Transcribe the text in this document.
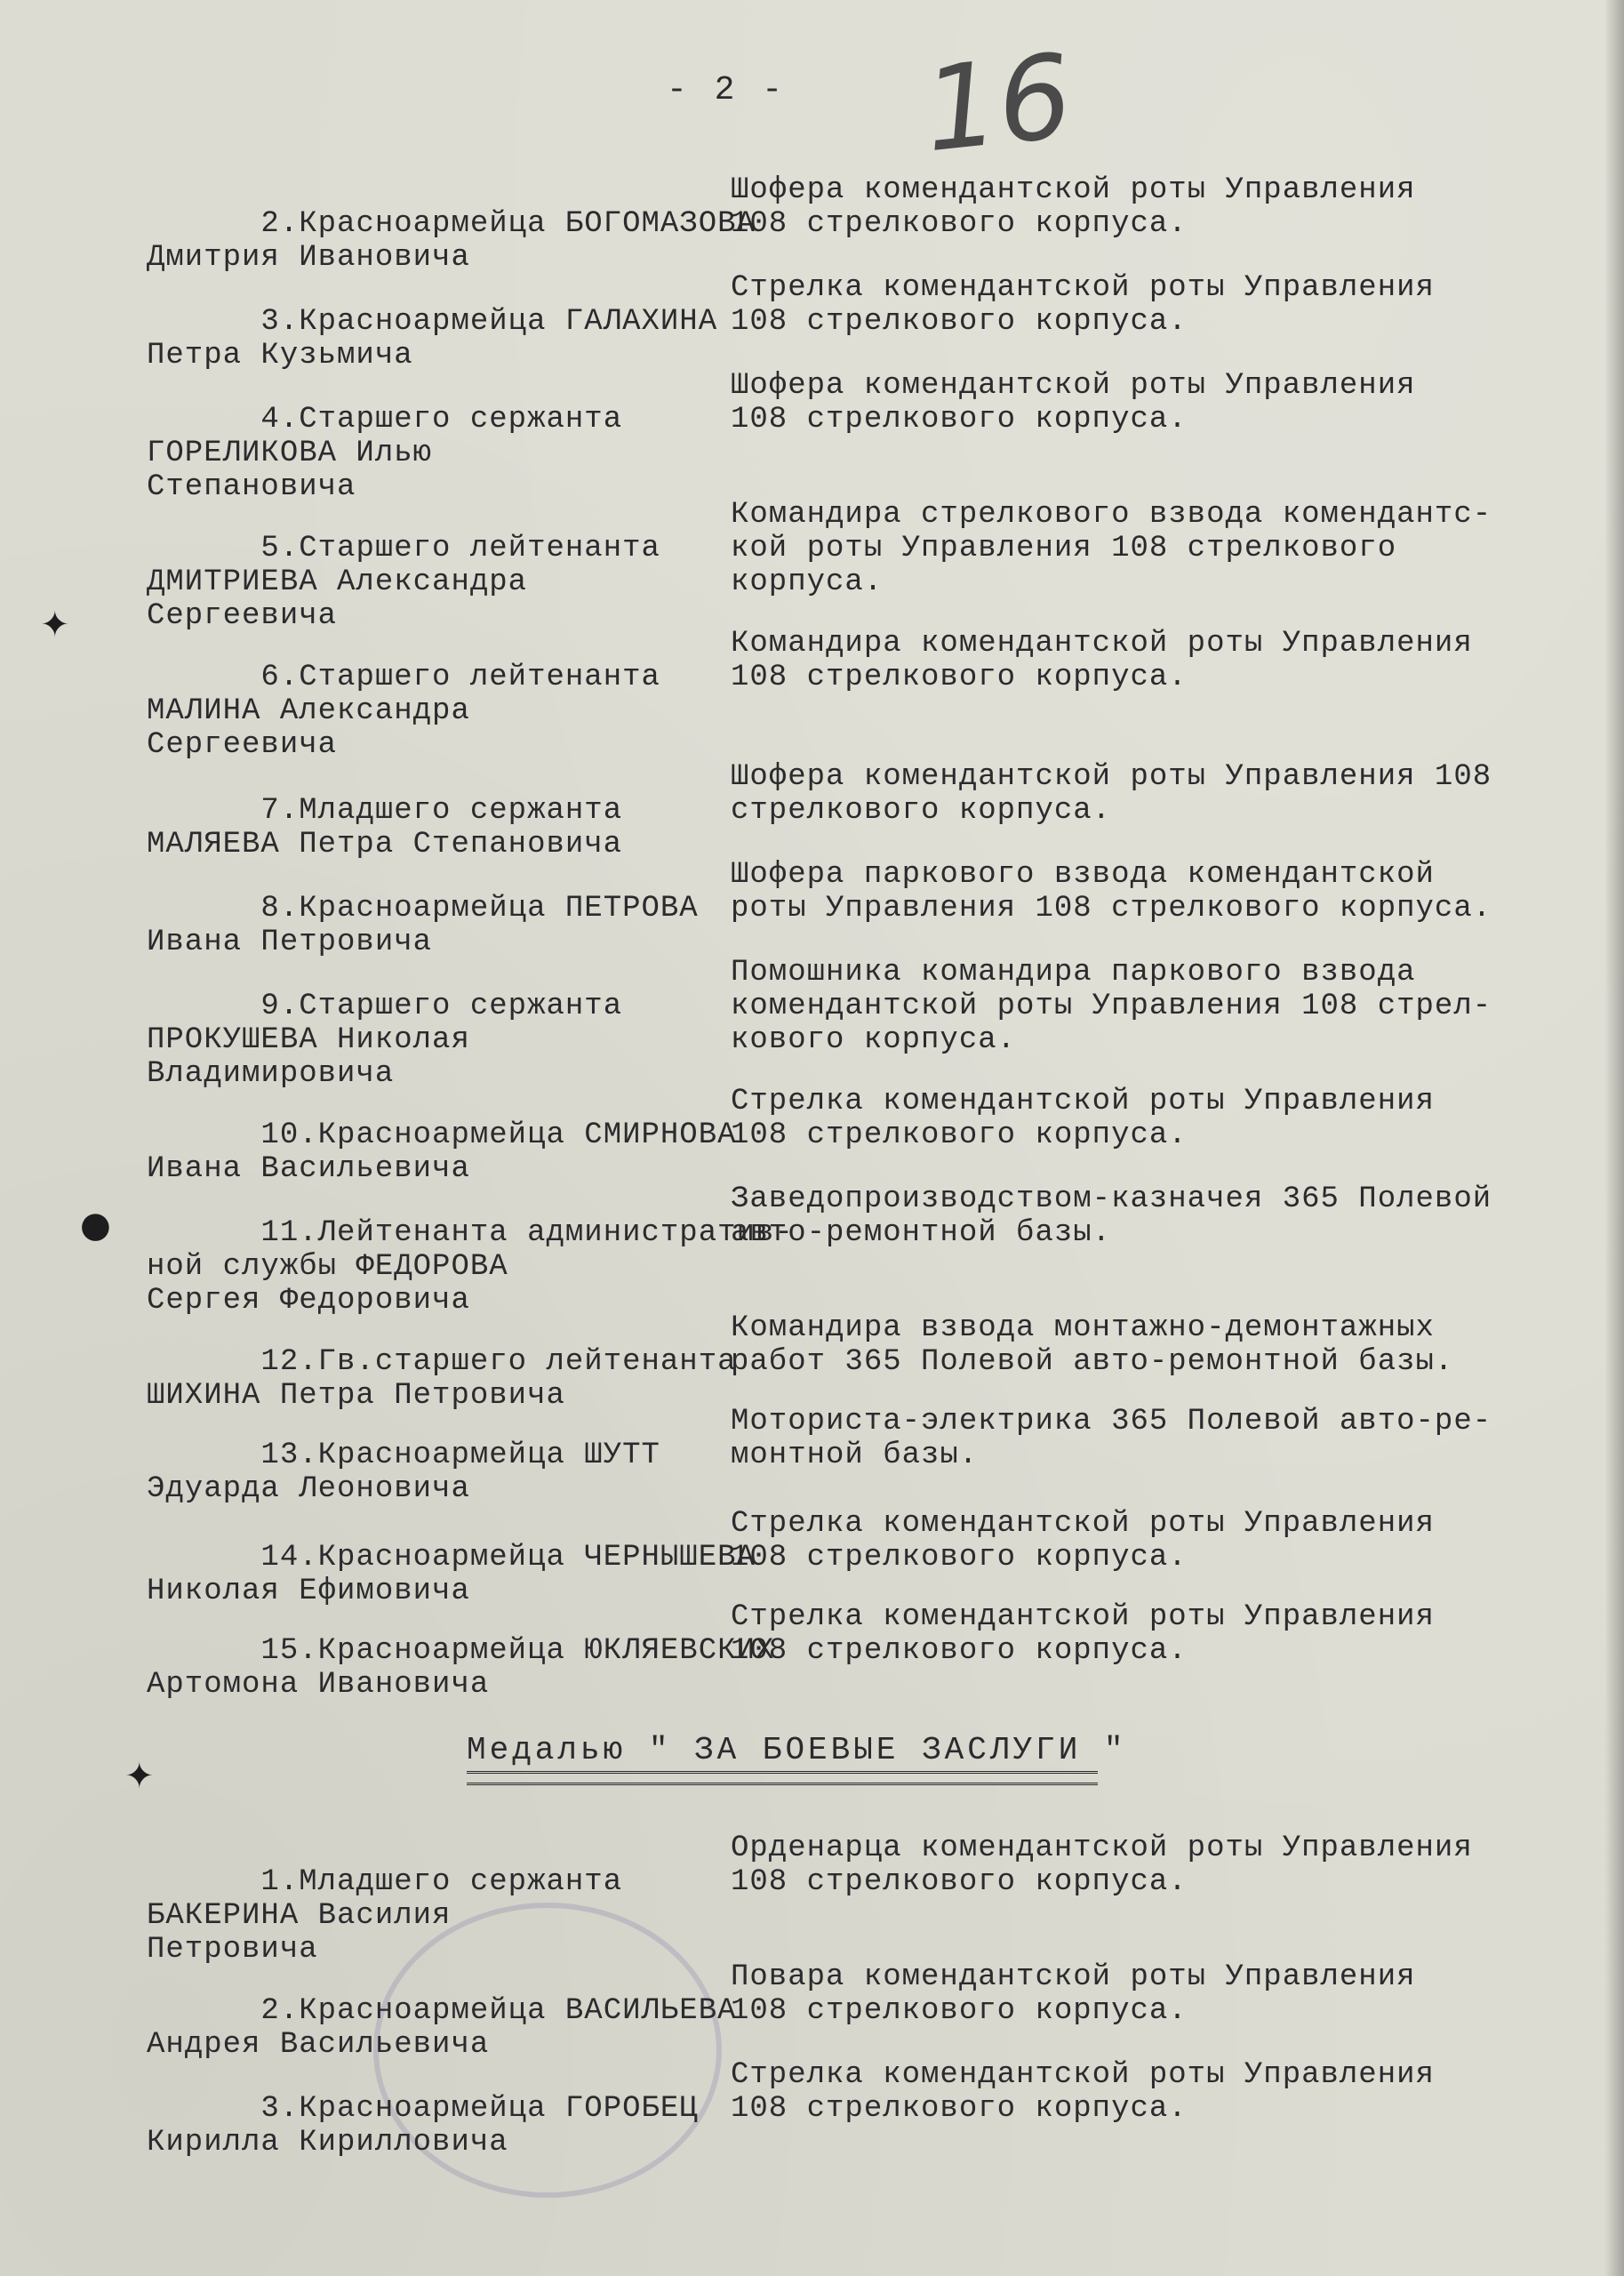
- 2 - 16
✦
●
✦

2.Красноармейца БОГОМАЗОВА
Дмитрия Ивановича

Шофера комендантской роты Управления
108 стрелкового корпуса.

3.Красноармейца ГАЛАХИНА
Петра Кузьмича

Стрелка комендантской роты Управления
108 стрелкового корпуса.

4.Старшего сержанта
ГОРЕЛИКОВА Илью
Степановича

Шофера комендантской роты Управления
108 стрелкового корпуса.

5.Старшего лейтенанта
ДМИТРИЕВА Александра
Сергеевича

Командира стрелкового взвода комендантс-
кой роты Управления 108 стрелкового
корпуса.

6.Старшего лейтенанта
МАЛИНА Александра
Сергеевича

Командира комендантской роты Управления
108 стрелкового корпуса.

7.Младшего сержанта
МАЛЯЕВА Петра Степановича

Шофера комендантской роты Управления 108
стрелкового корпуса.

8.Красноармейца ПЕТРОВА
Ивана Петровича

Шофера паркового взвода комендантской
роты Управления 108 стрелкового корпуса.

9.Старшего сержанта
ПРОКУШЕВА Николая
Владимировича

Помошника командира паркового взвода
комендантской роты Управления 108 стрел-
кового корпуса.

10.Красноармейца СМИРНОВА
Ивана Васильевича

Стрелка комендантской роты Управления
108 стрелкового корпуса.

11.Лейтенанта административ-
ной службы ФЕДОРОВА
Сергея Федоровича

Заведопроизводством-казначея 365 Полевой
авто-ремонтной базы.

12.Гв.старшего лейтенанта
ШИХИНА Петра Петровича

Командира взвода монтажно-демонтажных
работ 365 Полевой авто-ремонтной базы.

13.Красноармейца ШУТТ
Эдуарда Леоновича

Моториста-электрика 365 Полевой авто-ре-
монтной базы.

14.Красноармейца ЧЕРНЫШЕВА
Николая Ефимовича

Стрелка комендантской роты Управления
108 стрелкового корпуса.

15.Красноармейца ЮКЛЯЕВСКИХ
Артомона Ивановича

Стрелка комендантской роты Управления
108 стрелкового корпуса.
Медалью " ЗА БОЕВЫЕ ЗАСЛУГИ "

1.Младшего сержанта
БАКЕРИНА Василия
Петровича

Орденарца комендантской роты Управления
108 стрелкового корпуса.

2.Красноармейца ВАСИЛЬЕВА
Андрея Васильевича

Повара комендантской роты Управления
108 стрелкового корпуса.

3.Красноармейца ГОРОБЕЦ
Кирилла Кирилловича

Стрелка комендантской роты Управления
108 стрелкового корпуса.
